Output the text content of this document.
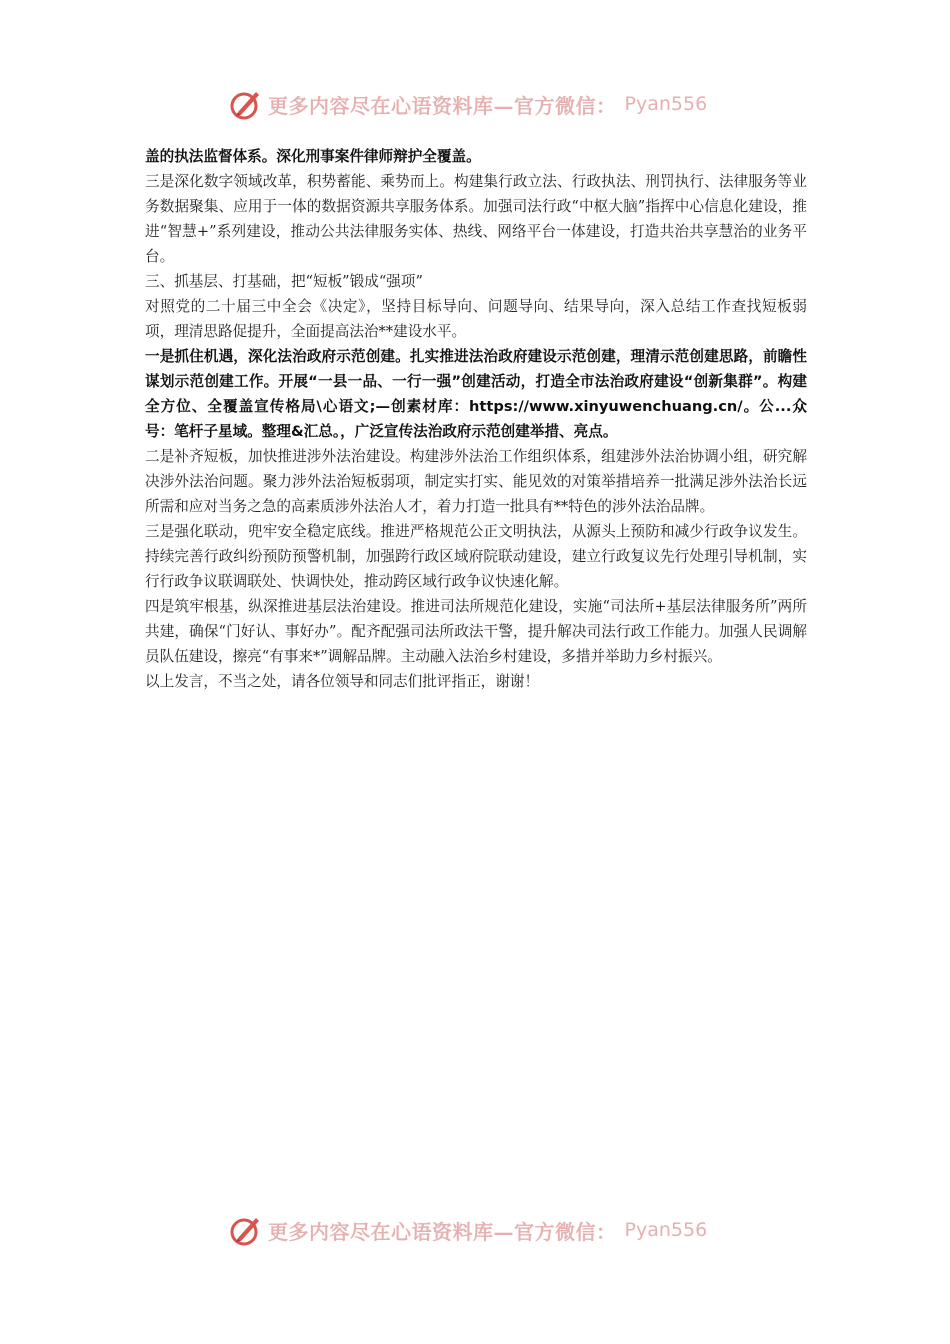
更多内容尽在心语资料库—官方微信： Pyan556

盖的执法监督体系。深化刑事案件律师辩护全覆盖。

三是深化数字领域改革，积势蓄能、乘势而上。构建集行政立法、行政执法、刑罚执行、法律服务等业务数据聚集、应用于一体的数据资源共享服务体系。加强司法行政“中枢大脑”指挥中心信息化建设，推进“智慧+”系列建设，推动公共法律服务实体、热线、网络平台一体建设，打造共治共享慧治的业务平台。

三、抓基层、打基础，把“短板”锻成“强项”

对照党的二十届三中全会《决定》，坚持目标导向、问题导向、结果导向，深入总结工作查找短板弱项，理清思路促提升，全面提高法治**建设水平。

一是抓住机遇，深化法治政府示范创建。扎实推进法治政府建设示范创建，理清示范创建思路，前瞻性谋划示范创建工作。开展“一县一品、一行一强”创建活动，打造全市法治政府建设“创新集群”。构建全方位、全覆盖宣传格局\心语文;—创素材库：https://www.xinyuwenchuang.cn/。公...众号：笔杆子星域。整理&汇总。，广泛宣传法治政府示范创建举措、亮点。

二是补齐短板，加快推进涉外法治建设。构建涉外法治工作组织体系，组建涉外法治协调小组，研究解决涉外法治问题。聚力涉外法治短板弱项，制定实打实、能见效的对策举措培养一批满足涉外法治长远所需和应对当务之急的高素质涉外法治人才，着力打造一批具有**特色的涉外法治品牌。

三是强化联动，兜牢安全稳定底线。推进严格规范公正文明执法，从源头上预防和减少行政争议发生。持续完善行政纠纷预防预警机制，加强跨行政区域府院联动建设，建立行政复议先行处理引导机制，实行行政争议联调联处、快调快处，推动跨区域行政争议快速化解。

四是筑牢根基，纵深推进基层法治建设。推进司法所规范化建设，实施“司法所+基层法律服务所”两所共建，确保“门好认、事好办”。配齐配强司法所政法干警，提升解决司法行政工作能力。加强人民调解员队伍建设，擦亮“有事来*”调解品牌。主动融入法治乡村建设，多措并举助力乡村振兴。

以上发言，不当之处，请各位领导和同志们批评指正，谢谢！

更多内容尽在心语资料库—官方微信： Pyan556
